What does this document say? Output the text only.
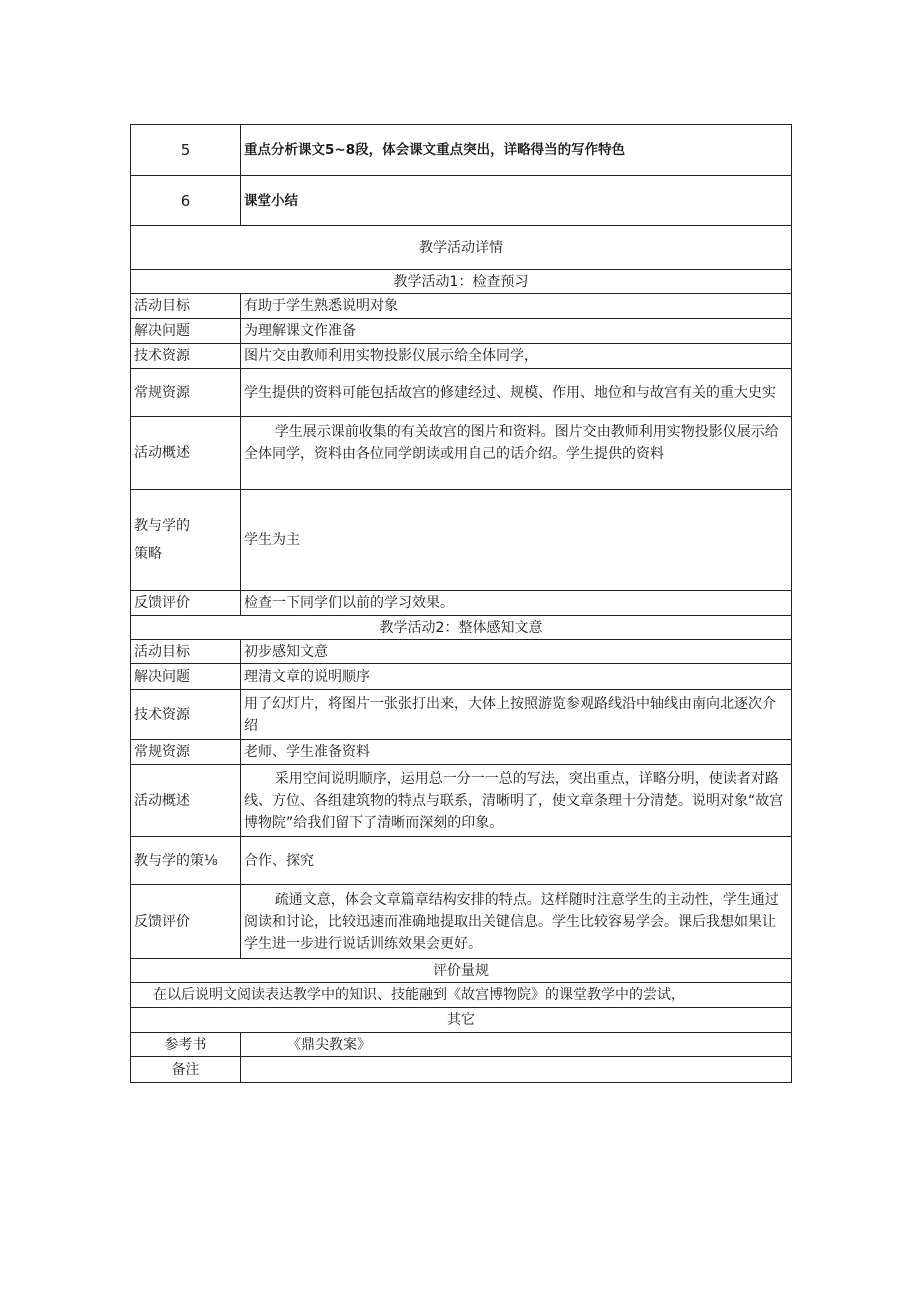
5	重点分析课文5~8段，体会课文重点突出，详略得当的写作特色
6	课堂小结
教学活动详情	
教学活动1：检查预习	
活动目标	有助于学生熟悉说明对象
解决问题	为理解课文作准备
技术资源	图片交由教师利用实物投影仪展示给全体同学，
常规资源	学生提供的资料可能包括故宫的修建经过、规模、作用、地位和与故宫有关的重大史实
活动概述	学生展示课前收集的有关故宫的图片和资料。图片交由教师利用实物投影仪展示给全体同学，资料由各位同学朗读或用自己的话介绍。学生提供的资料

教与学的
策略	学生为主
反馈评价	检查一下同学们以前的学习效果。
教学活动2：整体感知文意	
活动目标	初步感知文意
解决问题	理清文章的说明顺序
技术资源	用了幻灯片，将图片一张张打出来，大体上按照游览参观路线沿中轴线由南向北逐次介绍
常规资源	老师、学生准备资料
活动概述	采用空间说明顺序，运用总一分一一总的写法，突出重点，详略分明，使读者对路线、方位、各组建筑物的特点与联系，清晰明了，使文章条理十分清楚。说明对象“故宫博物院”给我们留下了清晰而深刻的印象。
教与学的策⅛	合作、探究
反馈评价	疏通文意，体会文章篇章结构安排的特点。这样随时注意学生的主动性，学生通过阅读和讨论，比较迅速而准确地提取出关键信息。学生比较容易学会。课后我想如果让学生进一步进行说话训练效果会更好。
评价量规	
在以后说明文阅读表达教学中的知识、技能融到《故宫博物院》的课堂教学中的尝试，	
其它	
参考书	《鼎尖教案》
备注	
